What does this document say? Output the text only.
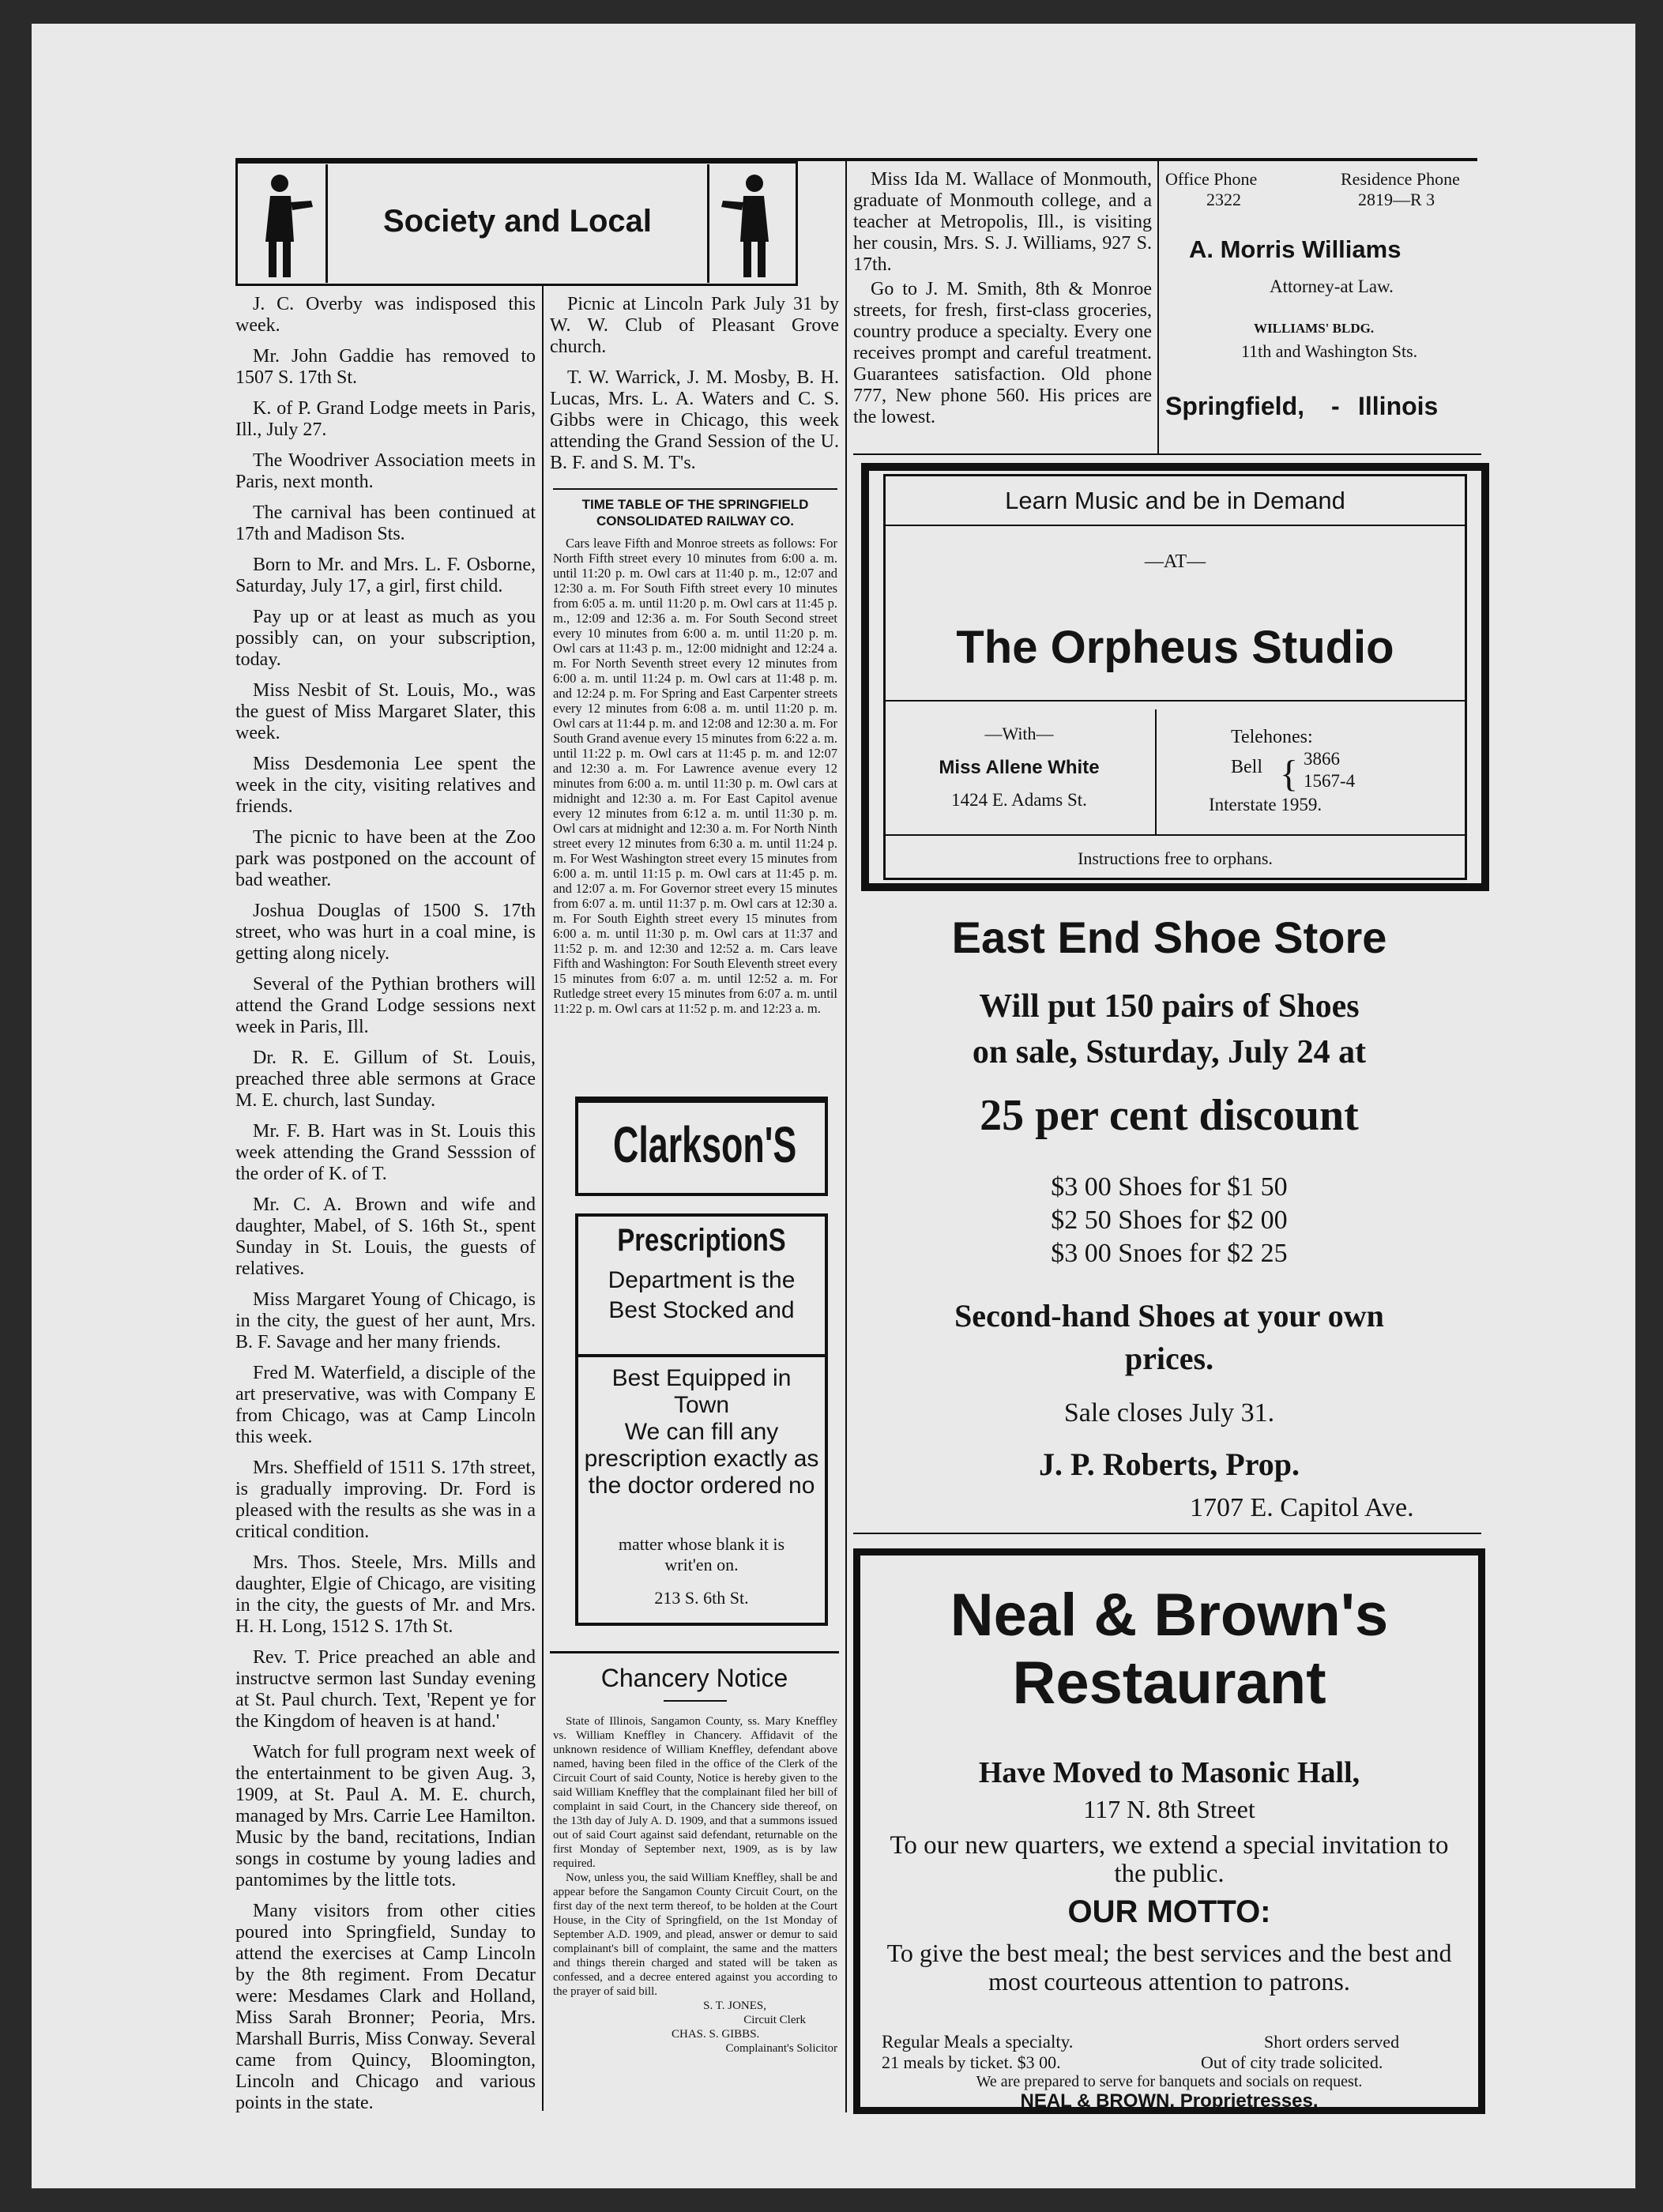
Society and Local

J. C. Overby was indisposed this week.

Mr. John Gaddie has removed to 1507 S. 17th St.

K. of P. Grand Lodge meets in Paris, Ill., July 27.

The Woodriver Association meets in Paris, next month.

The carnival has been continued at 17th and Madison Sts.

Born to Mr. and Mrs. L. F. Osborne, Saturday, July 17, a girl, first child.

Pay up or at least as much as you possibly can, on your subscription, today.

Miss Nesbit of St. Louis, Mo., was the guest of Miss Margaret Slater, this week.

Miss Desdemonia Lee spent the week in the city, visiting relatives and friends.

The picnic to have been at the Zoo park was postponed on the account of bad weather.

Joshua Douglas of 1500 S. 17th street, who was hurt in a coal mine, is getting along nicely.

Several of the Pythian brothers will attend the Grand Lodge sessions next week in Paris, Ill.

Dr. R. E. Gillum of St. Louis, preached three able sermons at Grace M. E. church, last Sunday.

Mr. F. B. Hart was in St. Louis this week attending the Grand Sesssion of the order of K. of T.

Mr. C. A. Brown and wife and daughter, Mabel, of S. 16th St., spent Sunday in St. Louis, the guests of relatives.

Miss Margaret Young of Chicago, is in the city, the guest of her aunt, Mrs. B. F. Savage and her many friends.

Fred M. Waterfield, a disciple of the art preservative, was with Company E from Chicago, was at Camp Lincoln this week.

Mrs. Sheffield of 1511 S. 17th street, is gradually improving. Dr. Ford is pleased with the results as she was in a critical condition.

Mrs. Thos. Steele, Mrs. Mills and daughter, Elgie of Chicago, are visiting in the city, the guests of Mr. and Mrs. H. H. Long, 1512 S. 17th St.

Rev. T. Price preached an able and instructve sermon last Sunday evening at St. Paul church. Text, 'Repent ye for the Kingdom of heaven is at hand.'

Watch for full program next week of the entertainment to be given Aug. 3, 1909, at St. Paul A. M. E. church, managed by Mrs. Carrie Lee Hamilton. Music by the band, recitations, Indian songs in costume by young ladies and pantomimes by the little tots.

Many visitors from other cities poured into Springfield, Sunday to attend the exercises at Camp Lincoln by the 8th regiment. From Decatur were: Mesdames Clark and Holland, Miss Sarah Bronner; Peoria, Mrs. Marshall Burris, Miss Conway. Several came from Quincy, Bloomington, Lincoln and Chicago and various points in the state.

Picnic at Lincoln Park July 31 by W. W. Club of Pleasant Grove church.

T. W. Warrick, J. M. Mosby, B. H. Lucas, Mrs. L. A. Waters and C. S. Gibbs were in Chicago, this week attending the Grand Session of the U. B. F. and S. M. T's.

TIME TABLE OF THE SPRINGFIELD CONSOLIDATED RAILWAY CO.

Cars leave Fifth and Monroe streets as follows: For North Fifth street every 10 minutes from 6:00 a. m. until 11:20 p. m. Owl cars at 11:40 p. m., 12:07 and 12:30 a. m. For South Fifth street every 10 minutes from 6:05 a. m. until 11:20 p. m. Owl cars at 11:45 p. m., 12:09 and 12:36 a. m. For South Second street every 10 minutes from 6:00 a. m. until 11:20 p. m. Owl cars at 11:43 p. m., 12:00 midnight and 12:24 a. m. For North Seventh street every 12 minutes from 6:00 a. m. until 11:24 p. m. Owl cars at 11:48 p. m. and 12:24 p. m. For Spring and East Carpenter streets every 12 minutes from 6:08 a. m. until 11:20 p. m. Owl cars at 11:44 p. m. and 12:08 and 12:30 a. m. For South Grand avenue every 15 minutes from 6:22 a. m. until 11:22 p. m. Owl cars at 11:45 p. m. and 12:07 and 12:30 a. m. For Lawrence avenue every 12 minutes from 6:00 a. m. until 11:30 p. m. Owl cars at midnight and 12:30 a. m. For East Capitol avenue every 12 minutes from 6:12 a. m. until 11:30 p. m. Owl cars at midnight and 12:30 a. m. For North Ninth street every 12 minutes from 6:30 a. m. until 11:24 p. m. For West Washington street every 15 minutes from 6:00 a. m. until 11:15 p. m. Owl cars at 11:45 p. m. and 12:07 a. m. For Governor street every 15 minutes from 6:07 a. m. until 11:37 p. m. Owl cars at 12:30 a. m. For South Eighth street every 15 minutes from 6:00 a. m. until 11:30 p. m. Owl cars at 11:37 and 11:52 p. m. and 12:30 and 12:52 a. m. Cars leave Fifth and Washington: For South Eleventh street every 15 minutes from 6:07 a. m. until 12:52 a. m. For Rutledge street every 15 minutes from 6:07 a. m. until 11:22 p. m. Owl cars at 11:52 p. m. and 12:23 a. m.

Clarkson'S
PrescriptionS
Department is the Best Stocked and
Best Equipped in Town
We can fill any prescription exactly as the doctor ordered no
matter whose blank it is writ'en on.
213 S. 6th St.
Chancery Notice

State of Illinois, Sangamon County, ss. Mary Kneffley vs. William Kneffley in Chancery. Affidavit of the unknown residence of William Kneffley, defendant above named, having been filed in the office of the Clerk of the Circuit Court of said County, Notice is hereby given to the said William Kneffley that the complainant filed her bill of complaint in said Court, in the Chancery side thereof, on the 13th day of July A. D. 1909, and that a summons issued out of said Court against said defendant, returnable on the first Monday of September next, 1909, as is by law required.

Now, unless you, the said William Kneffley, shall be and appear before the Sangamon County Circuit Court, on the first day of the next term thereof, to be holden at the Court House, in the City of Springfield, on the 1st Monday of September A.D. 1909, and plead, answer or demur to said complainant's bill of complaint, the same and the matters and things therein charged and stated will be taken as confessed, and a decree entered against you according to the prayer of said bill.

S. T. JONES,
Circuit Clerk
CHAS. S. GIBBS.
Complainant's Solicitor

Miss Ida M. Wallace of Monmouth, graduate of Monmouth college, and a teacher at Metropolis, Ill., is visiting her cousin, Mrs. S. J. Williams, 927 S. 17th.

Go to J. M. Smith, 8th & Monroe streets, for fresh, first-class groceries, country produce a specialty. Every one receives prompt and careful treatment. Guarantees satisfaction. Old phone 777, New phone 560. His prices are the lowest.

Office Phone
2322
Residence Phone
2819—R 3
A. Morris Williams
Attorney-at Law.
WILLIAMS' BLDG.
11th and Washington Sts.
Springfield, - Illinois
Learn Music and be in Demand
—AT—
The Orpheus Studio
—With—
Miss Allene White
1424 E. Adams St.
Telehones:
Bell { 3866
1567-4
Interstate 1959.
Instructions free to orphans.
East End Shoe Store
Will put 150 pairs of Shoes
on sale, Ssturday, July 24 at
25 per cent discount
$3 00 Shoes for $1 50
$2 50 Shoes for $2 00
$3 00 Snoes for $2 25
Second-hand Shoes at your own
prices.
Sale closes July 31.
J. P. Roberts, Prop.
1707 E. Capitol Ave.
Neal & Brown's
Restaurant
Have Moved to Masonic Hall,
117 N. 8th Street
To our new quarters, we extend a special invitation to the public.
OUR MOTTO:
To give the best meal; the best services and the best and most courteous attention to patrons.
Regular Meals a specialty.	Short orders served
21 meals by ticket. $3 00.	Out of city trade solicited.
We are prepared to serve for banquets and socials on request.
NEAL & BROWN, Proprietresses.
